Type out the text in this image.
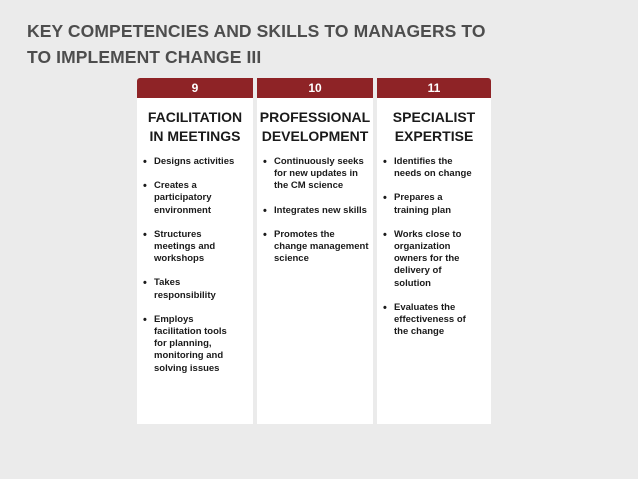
KEY COMPETENCIES AND SKILLS TO MANAGERS TO
TO IMPLEMENT CHANGE III
9
FACILITATION
IN MEETINGS
• Designs activities
• Creates a
participatory
environment
• Structures
meetings and
workshops
• Takes
responsibility
• Employs
facilitation tools
for planning,
monitoring and
solving issues
10
PROFESSIONAL
DEVELOPMENT
• Continuously seeks
for new updates in
the CM science
• Integrates new skills
• Promotes the
change management
science
11
SPECIALIST
EXPERTISE
• Identifies the
needs on change
• Prepares a
training plan
• Works close to
organization
owners for the
delivery of
solution
• Evaluates the
effectiveness of
the change
